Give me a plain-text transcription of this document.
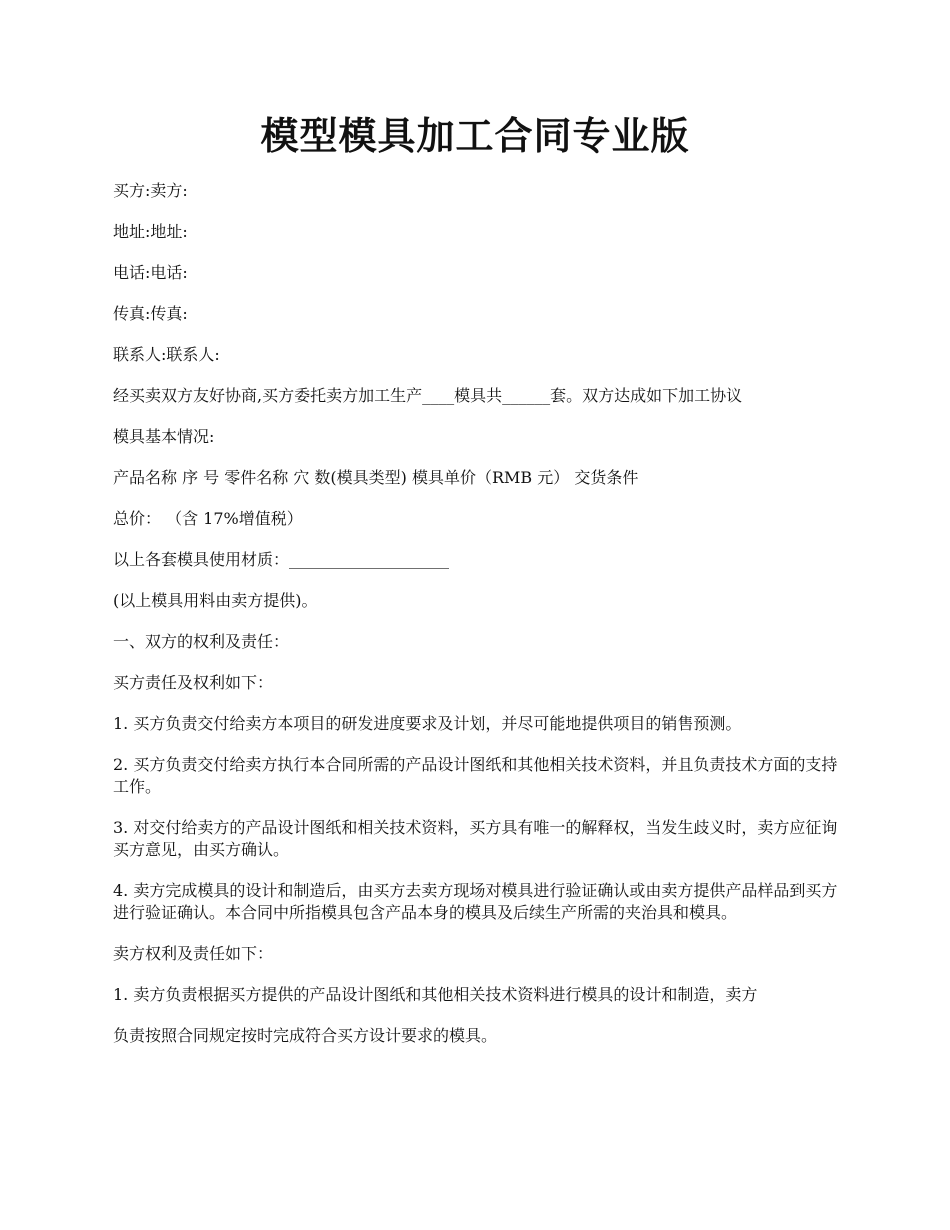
模型模具加工合同专业版

买方:卖方:

地址:地址:

电话:电话:

传真:传真:

联系人:联系人:

经买卖双方友好协商,买方委托卖方加工生产____模具共______套。双方达成如下加工协议

模具基本情况:

产品名称 序 号 零件名称 穴 数(模具类型) 模具单价（RMB 元） 交货条件

总价： （含 17%增值税）

以上各套模具使用材质：____________________

(以上模具用料由卖方提供)。

一、双方的权利及责任：

买方责任及权利如下：

1. 买方负责交付给卖方本项目的研发进度要求及计划，并尽可能地提供项目的销售预测。

2. 买方负责交付给卖方执行本合同所需的产品设计图纸和其他相关技术资料，并且负责技术方面的支持工作。

3. 对交付给卖方的产品设计图纸和相关技术资料，买方具有唯一的解释权，当发生歧义时，卖方应征询买方意见，由买方确认。

4. 卖方完成模具的设计和制造后，由买方去卖方现场对模具进行验证确认或由卖方提供产品样品到买方进行验证确认。本合同中所指模具包含产品本身的模具及后续生产所需的夹治具和模具。

卖方权利及责任如下：

1. 卖方负责根据买方提供的产品设计图纸和其他相关技术资料进行模具的设计和制造，卖方

负责按照合同规定按时完成符合买方设计要求的模具。
